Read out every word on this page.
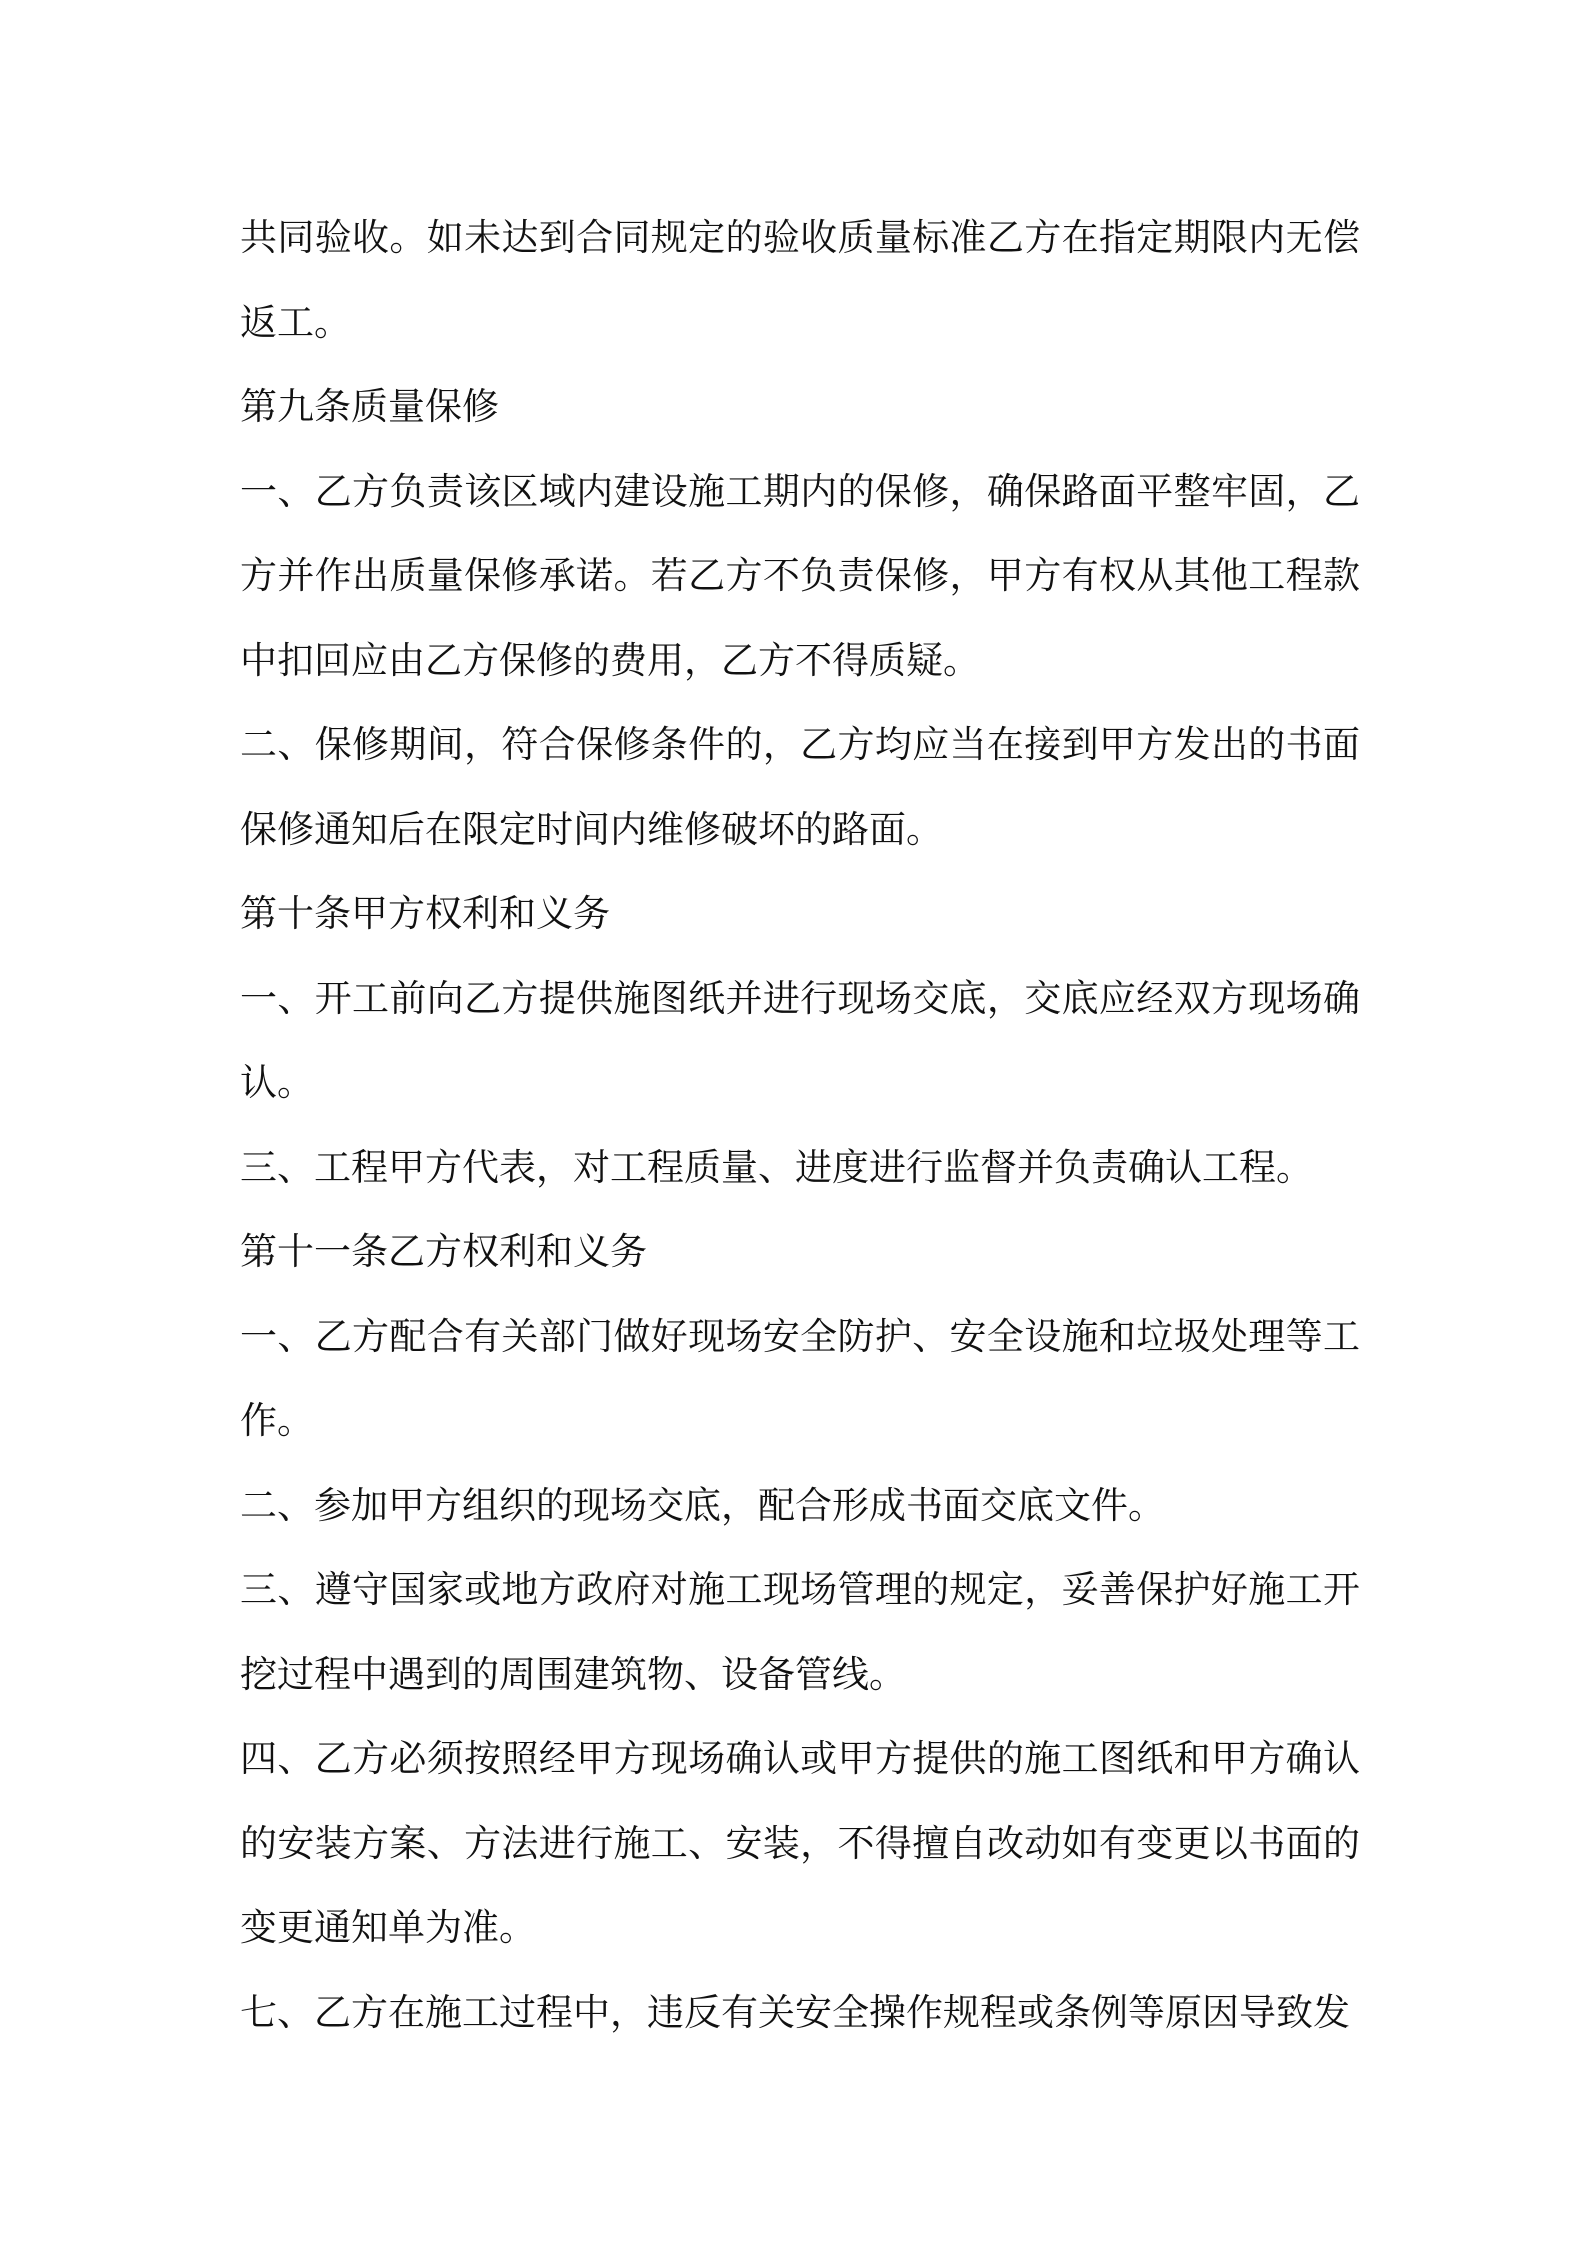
共同验收。如未达到合同规定的验收质量标准乙方在指定期限内无偿返工。

第九条质量保修

一、乙方负责该区域内建设施工期内的保修，确保路面平整牢固，乙方并作出质量保修承诺。若乙方不负责保修，甲方有权从其他工程款中扣回应由乙方保修的费用，乙方不得质疑。

二、保修期间，符合保修条件的，乙方均应当在接到甲方发出的书面保修通知后在限定时间内维修破坏的路面。

第十条甲方权利和义务

一、开工前向乙方提供施图纸并进行现场交底，交底应经双方现场确认。

三、工程甲方代表，对工程质量、进度进行监督并负责确认工程。

第十一条乙方权利和义务

一、乙方配合有关部门做好现场安全防护、安全设施和垃圾处理等工作。

二、参加甲方组织的现场交底，配合形成书面交底文件。

三、遵守国家或地方政府对施工现场管理的规定，妥善保护好施工开挖过程中遇到的周围建筑物、设备管线。

四、乙方必须按照经甲方现场确认或甲方提供的施工图纸和甲方确认的安装方案、方法进行施工、安装，不得擅自改动如有变更以书面的变更通知单为准。

七、乙方在施工过程中，违反有关安全操作规程或条例等原因导致发
